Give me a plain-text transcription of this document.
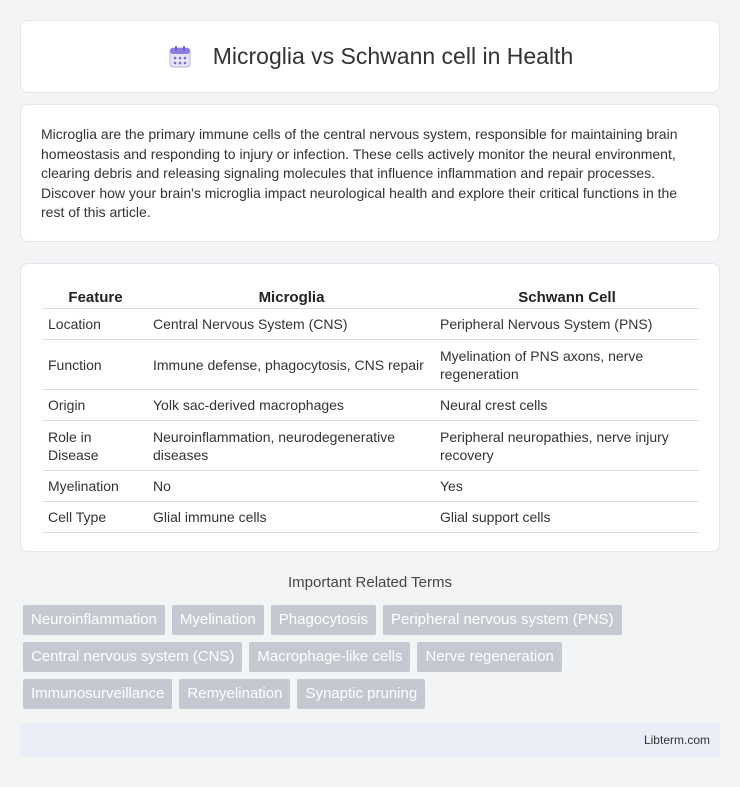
Microglia vs Schwann cell in Health

Microglia are the primary immune cells of the central nervous system, responsible for maintaining brain homeostasis and responding to injury or infection. These cells actively monitor the neural environment, clearing debris and releasing signaling molecules that influence inflammation and repair processes. Discover how your brain's microglia impact neurological health and explore their critical functions in the rest of this article.

Feature	Microglia	Schwann Cell
Location	Central Nervous System (CNS)	Peripheral Nervous System (PNS)
Function	Immune defense, phagocytosis, CNS repair	Myelination of PNS axons, nerve regeneration
Origin	Yolk sac-derived macrophages	Neural crest cells
Role in Disease	Neuroinflammation, neurodegenerative diseases	Peripheral neuropathies, nerve injury recovery
Myelination	No	Yes
Cell Type	Glial immune cells	Glial support cells
Important Related Terms
Neuroinflammation Myelination Phagocytosis Peripheral nervous system (PNS)
Central nervous system (CNS) Macrophage-like cells Nerve regeneration
Immunosurveillance Remyelination Synaptic pruning
Libterm.com
